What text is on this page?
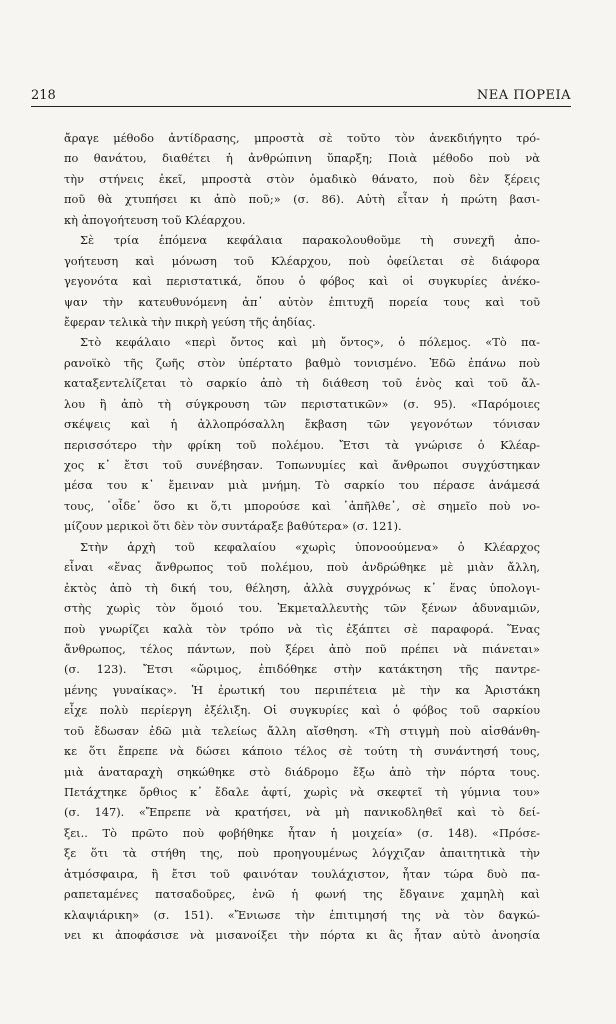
218	ΝΕΑ ΠΟΡΕΙΑ
ἄραγε μέθοδο ἀντίδρασης, μπροστὰ σὲ τοῦτο τὸν ἀνεκδιήγητο τρό-
πο θανάτου, διαθέτει ἡ ἀνθρώπινη ὕπαρξη; Ποιὰ μέθοδο ποὺ νὰ
τὴν στήνεις ἐκεῖ, μπροστὰ στὸν ὁμαδικὸ θάνατο, ποὺ δὲν ξέρεις
ποῦ θὰ χτυπήσει κι ἀπὸ ποῦ;» (σ. 86). Αὐτὴ εἶταν ἡ πρώτη βασι-
κὴ ἀπογοήτευση τοῦ Κλέαρχου.
Σὲ τρία ἑπόμενα κεφάλαια παρακολουθοῦμε τὴ συνεχῆ ἀπο-
γοήτευση καὶ μόνωση τοῦ Κλέαρχου, ποὺ ὀφείλεται σὲ διάφορα
γεγονότα καὶ περιστατικά, ὅπου ὁ φόβος καὶ οἱ συγκυρίες ἀνέκο-
ψαν τὴν κατευθυνόμενη ἀπ᾽ αὐτὸν ἐπιτυχῆ πορεία τους καὶ τοῦ
ἔφεραν τελικὰ τὴν πικρὴ γεύση τῆς ἀηδίας.
Στὸ κεφάλαιο «περὶ ὄντος καὶ μὴ ὄντος», ὁ πόλεμος. «Τὸ πα-
ρανοϊκὸ τῆς ζωῆς στὸν ὑπέρτατο βαθμὸ τονισμένο. Ἐδῶ ἐπάνω ποὺ
καταξεντελίζεται τὸ σαρκίο ἀπὸ τὴ διάθεση τοῦ ἑνὸς καὶ τοῦ ἄλ-
λου ἢ ἀπὸ τὴ σύγκρουση τῶν περιστατικῶν» (σ. 95). «Παρόμοιες
σκέψεις καὶ ἡ ἀλλοπρόσαλλη ἔκβαση τῶν γεγονότων τόνισαν
περισσότερο τὴν φρίκη τοῦ πολέμου. Ἔτσι τὰ γνώρισε ὁ Κλέαρ-
χος κ᾽ ἔτσι τοῦ συνέβησαν. Τοπωνυμίες καὶ ἄνθρωποι συγχύστηκαν
μέσα του κ᾽ ἔμειναν μιὰ μνήμη. Τὸ σαρκίο του πέρασε ἀνάμεσά
τους, ῾οἶδε᾽ ὅσο κι ὅ,τι μπορούσε καὶ ῾ἀπῆλθε᾽, σὲ σημεῖο ποὺ νο-
μίζουν μερικοὶ ὅτι δὲν τὸν συντάραξε βαθύτερα» (σ. 121).
Στὴν ἀρχὴ τοῦ κεφαλαίου «χωρὶς ὑπονοούμενα» ὁ Κλέαρχος
εἶναι «ἕνας ἄνθρωπος τοῦ πολέμου, ποὺ ἀνδρώθηκε μὲ μιὰν ἄλλη,
ἐκτὸς ἀπὸ τὴ δική του, θέληση, ἀλλὰ συγχρόνως κ᾽ ἕνας ὑπολογι-
στὴς χωρὶς τὸν ὅμοιό του. Ἐκμεταλλευτὴς τῶν ξένων ἀδυναμιῶν,
ποὺ γνωρίζει καλὰ τὸν τρόπο νὰ τὶς ἐξάπτει σὲ παραφορά. Ἕνας
ἄνθρωπος, τέλος πάντων, ποὺ ξέρει ἀπὸ ποῦ πρέπει νὰ πιάνεται»
(σ. 123). Ἔτσι «ὥριμος, ἐπιδόθηκε στὴν κατάκτηση τῆς παντρε-
μένης γυναίκας». Ἡ ἐρωτική του περιπέτεια μὲ τὴν κα Ἀριστάκη
εἶχε πολὺ περίεργη ἐξέλιξη. Οἱ συγκυρίες καὶ ὁ φόβος τοῦ σαρκίου
τοῦ ἔδωσαν ἐδῶ μιὰ τελείως ἄλλη αἴσθηση. «Τὴ στιγμὴ ποὺ αἰσθάνθη-
κε ὅτι ἔπρεπε νὰ δώσει κάποιο τέλος σὲ τούτη τὴ συνάντησή τους,
μιὰ ἀναταραχὴ σηκώθηκε στὸ διάδρομο ἔξω ἀπὸ τὴν πόρτα τους.
Πετάχτηκε ὄρθιος κ᾽ ἔδαλε ἀφτί, χωρὶς νὰ σκεφτεῖ τὴ γύμνια του»
(σ. 147). «Ἔπρεπε νὰ κρατήσει, νὰ μὴ πανικοδληθεῖ καὶ τὸ δεί-
ξει.. Τὸ πρῶτο ποὺ φοβήθηκε ἦταν ἡ μοιχεία» (σ. 148). «Πρόσε-
ξε ὅτι τὰ στήθη της, ποὺ προηγουμένως λόγχιζαν ἀπαιτητικὰ τὴν
ἀτμόσφαιρα, ἢ ἔτσι τοῦ φαινόταν τουλάχιστον, ἦταν τώρα δυὸ πα-
ραπεταμένες πατσαδοῦρες, ἐνῶ ἡ φωνή της ἔδγαινε χαμηλὴ καὶ
κλαψιάρικη» (σ. 151). «Ἔνιωσε τὴν ἐπιτιμησή της νὰ τὸν δαγκώ-
νει κι ἀποφάσισε νὰ μισανοίξει τὴν πόρτα κι ἂς ἦταν αὐτὸ ἀνοησία
